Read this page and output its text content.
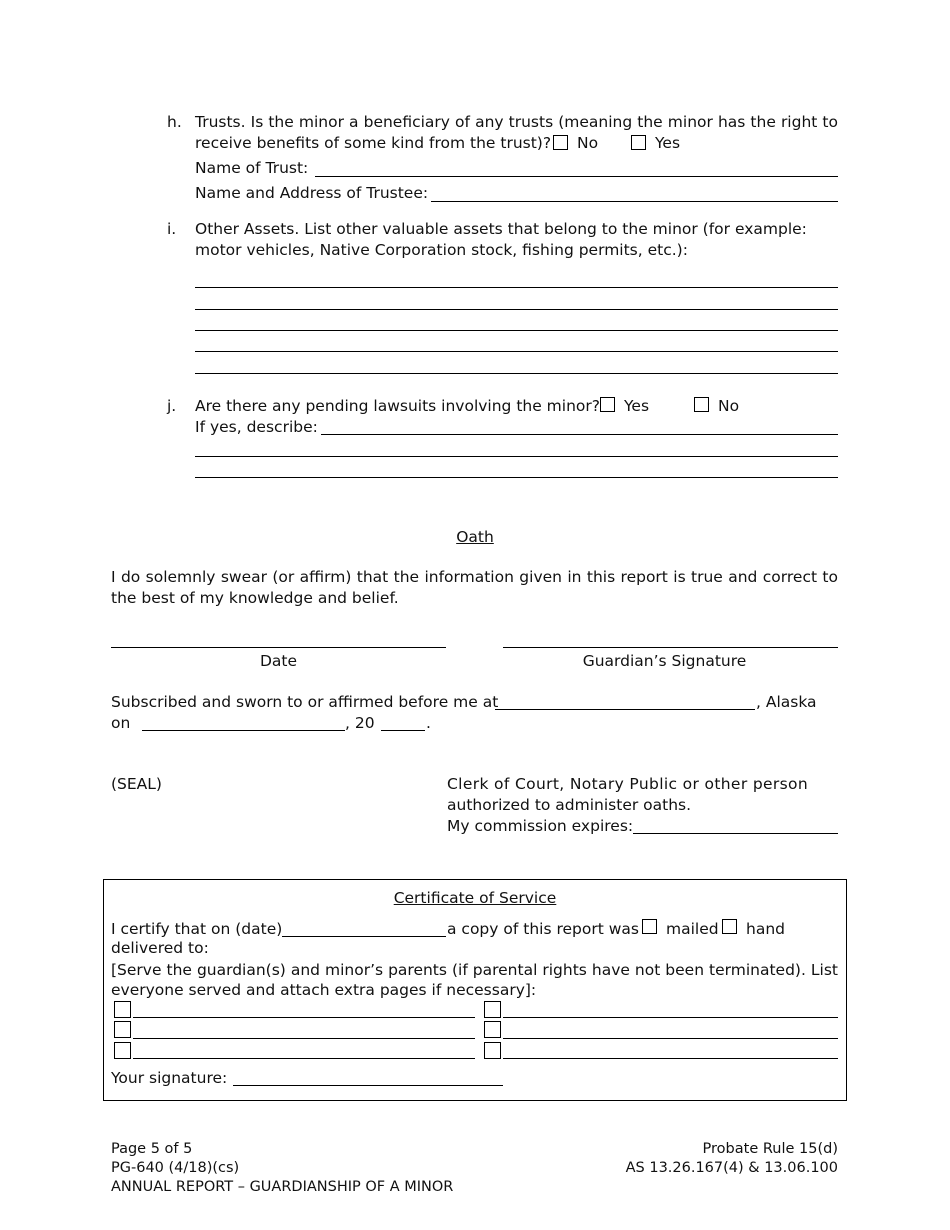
h. Trusts. Is the minor a beneficiary of any trusts (meaning the minor has the right to
receive benefits of some kind from the trust)? No	Yes
Name of Trust:
Name and Address of Trustee:
i. Other Assets. List other valuable assets that belong to the minor (for example:
motor vehicles, Native Corporation stock, fishing permits, etc.):
j. Are there any pending lawsuits involving the minor? Yes	No
If yes, describe:
Oath
I do solemnly swear (or affirm) that the information given in this report is true and correct to the best of my knowledge and belief.
Date	Guardian’s Signature
Subscribed and sworn to or affirmed before me at	, Alaska
on	, 20	.
(SEAL)	Clerk of Court, Notary Public or other person
authorized to administer oaths.
My commission expires:
Certificate of Service
I certify that on (date)	a copy of this report was mailed hand
delivered to:
[Serve the guardian(s) and minor’s parents (if parental rights have not been terminated). List
everyone served and attach extra pages if necessary]:
Your signature:
Page 5 of 5
PG-640 (4/18)(cs)
ANNUAL REPORT – GUARDIANSHIP OF A MINOR
Probate Rule 15(d)
AS 13.26.167(4) & 13.06.100
